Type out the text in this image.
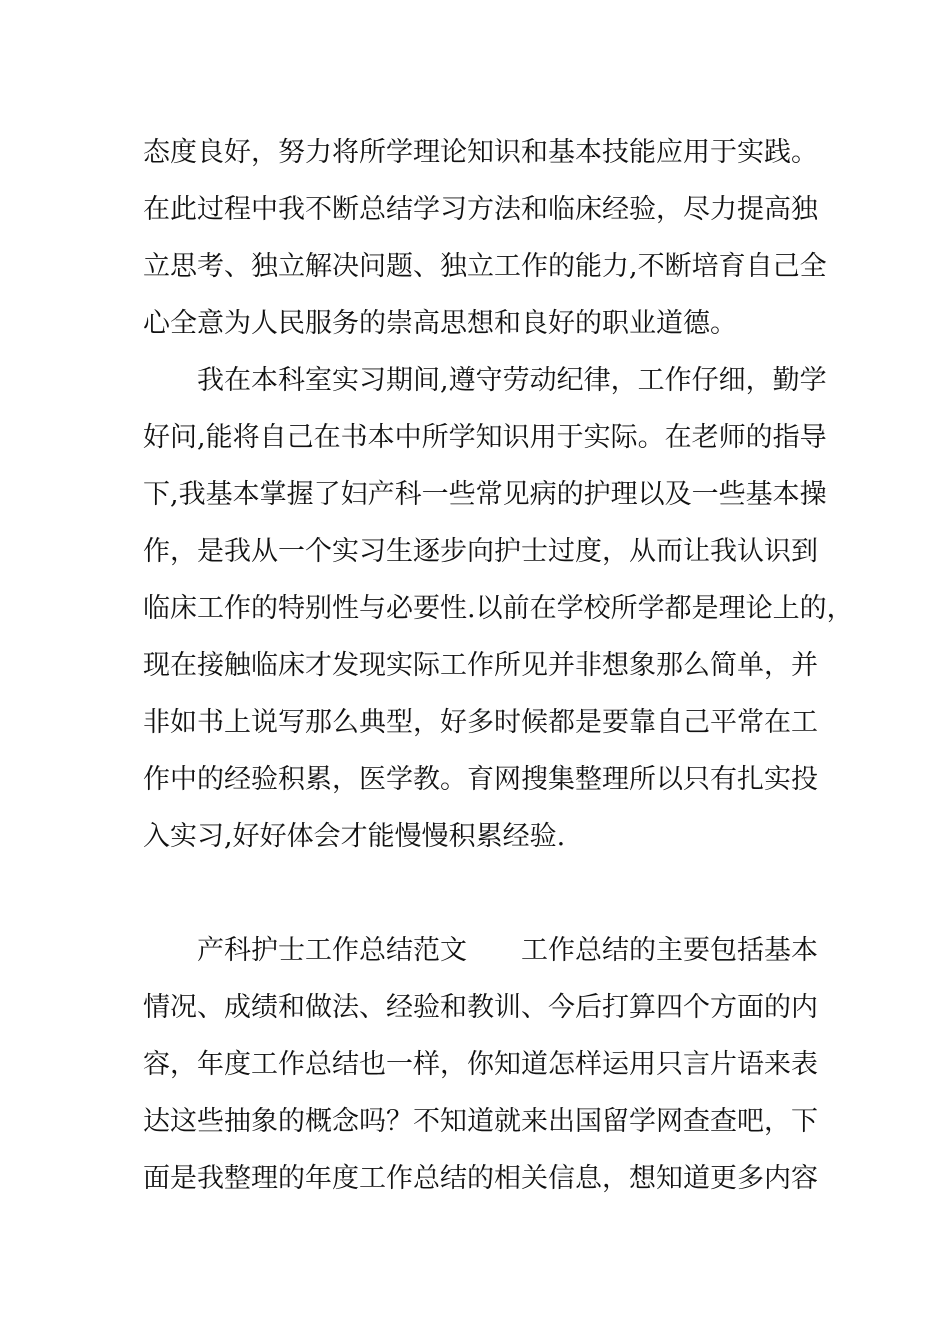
态度良好，努力将所学理论知识和基本技能应用于实践。
在此过程中我不断总结学习方法和临床经验，尽力提高独
立思考、独立解决问题、独立工作的能力,不断培育自己全
心全意为人民服务的崇高思想和良好的职业道德。
我在本科室实习期间,遵守劳动纪律，工作仔细，勤学
好问,能将自己在书本中所学知识用于实际。在老师的指导
下,我基本掌握了妇产科一些常见病的护理以及一些基本操
作，是我从一个实习生逐步向护士过度，从而让我认识到
临床工作的特别性与必要性.以前在学校所学都是理论上的，
现在接触临床才发现实际工作所见并非想象那么简单，并
非如书上说写那么典型，好多时候都是要靠自己平常在工
作中的经验积累，医学教。育网搜集整理所以只有扎实投
入实习,好好体会才能慢慢积累经验.
产科护士工作总结范文　　工作总结的主要包括基本
情况、成绩和做法、经验和教训、今后打算四个方面的内
容，年度工作总结也一样，你知道怎样运用只言片语来表
达这些抽象的概念吗？不知道就来出国留学网查查吧，下
面是我整理的年度工作总结的相关信息，想知道更多内容
